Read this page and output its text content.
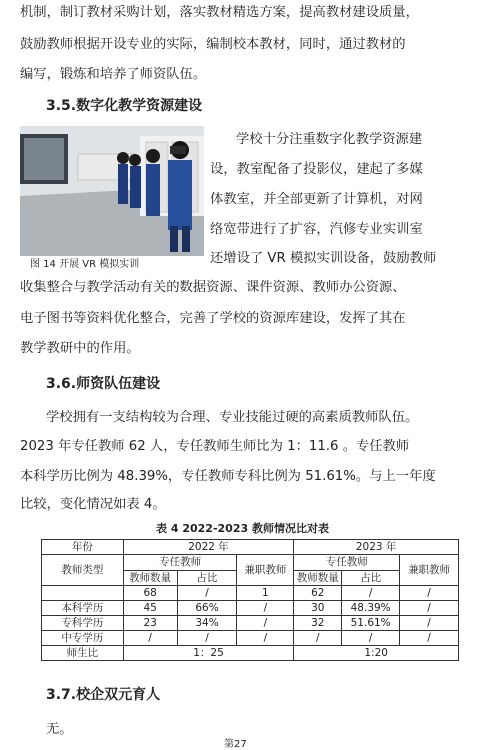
机制，制订教材采购计划，落实教材精选方案，提高教材建设质量，
鼓励教师根据开设专业的实际，编制校本教材，同时，通过教材的
编写，锻炼和培养了师资队伍。
3.5.数字化教学资源建设
图 14 开展 VR 模拟实训
学校十分注重数字化教学资源建
设，教室配备了投影仪，建起了多媒
体教室，并全部更新了计算机，对网
络宽带进行了扩容，汽修专业实训室
还增设了 VR 模拟实训设备，鼓励教师
收集整合与教学活动有关的数据资源、课件资源、教师办公资源、
电子图书等资料优化整合，完善了学校的资源库建设，发挥了其在
教学教研中的作用。
3.6.师资队伍建设
学校拥有一支结构较为合理、专业技能过硬的高素质教师队伍。
2023 年专任教师 62 人，专任教师生师比为 1：11.6 。专任教师
本科学历比例为 48.39%，专任教师专科比例为 51.61%。与上一年度
比较，变化情况如表 4。
表 4 2022-2023 教师情况比对表
年份	2022 年			2023 年		
教师类型	专任教师		兼职教师	专任教师		兼职教师
	教师数量	占比		教师数量	占比	
	68	/	1	62	/	/
本科学历	45	66%	/	30	48.39%	/
专科学历	23	34%	/	32	51.61%	/
中专学历	/	/	/	/	/	/
师生比	1：25			1:20		
3.7.校企双元育人
无。
第27
